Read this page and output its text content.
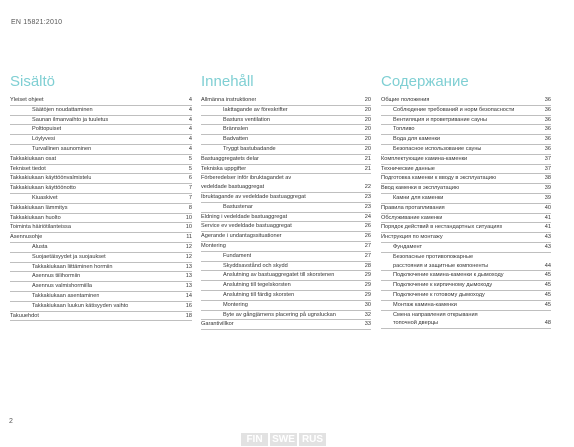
EN 15821:2010
Sisältö
Yleiset ohjeet	4
Säätöjen noudattaminen	4
Saunan ilmanvaihto ja tuuletus	4
Polttopuiset	4
Löylyvesi	4
Turvallinen saunominen	4
Takkakiukaan osat	5
Tekniset tiedot	5
Takkakiukaan käyttöönvalmistelu	6
Takkakiukaan käyttöönotto	7
Kiuaskivet	7
Takkakiukaan lämmitys	8
Takkakiukaan huolto	10
Toiminta häiriötilanteissa	10
Asennusohje	11
Alusta	12
Suojaetäisyydet ja suojaukset	12
Takkakiukaan liittäminen hormiin	13
Asennus tiilihormiin	13
Asennus valmishormiilla	13
Takkakiukaan asentaminen	14
Takkakiukaan luukun kätisyyden vaihto	16
Takuuehdot	18
Innehåll
Allmänna instruktioner	20
Iakttagande av föreskrifter	20
Bastuns ventilation	20
Brännslen	20
Badvatten	20
Tryggt bastubadande	20
Bastuaggregatets delar	21
Tekniska uppgifter	21
Förberedelser inför ibruktagandet av
vedeldade bastuaggregat	22
Ibruktagande av vedeldade bastuaggregat	23
Bastustenar	23
Eldning i vedeldade bastuaggregat	24
Service ev vedeldade bastuaggregat	26
Agerande i undantagssituationer	26
Montering	27
Fundament	27
Skyddsavstånd och skydd	28
Anslutning av bastuaggregatet till skorstenen	29
Anslutning till tegelskorsten	29
Anslutning till färdig skorsten	29
Montering	30
Byte av gångjärnens placering på ugnsluckan	32
Garantivillkor	33
Содержание
Общие положения	36
Соблюдение требований и норм безопасности	36
Вентиляция и проветривание сауны	36
Топливо	36
Вода для каменки	36
Безопасное использование сауны	36
Комплектующие камина-каменки	37
Технические данные	37
Подготовка каменки к вводу в эксплуатацию	38
Ввод каменки в эксплуатацию	39
Камни для каменки	39
Правила протапливания	40
Обслуживание каменки	41
Порядок действий в нестандартных ситуациях	41
Инструкция по монтажу	43
Фундамент	43
Безопасные противопожарные
расстояния и защитные компоненты	44
Подключение камина-каменки к дымоходу	45
Подключение к кирпичному дымоходу	45
Подключение к готовому дымоходу	45
Монтаж камина-каменки	45
Смена направления открывания
топочной дверцы	48
2
FIN SWE RUS
